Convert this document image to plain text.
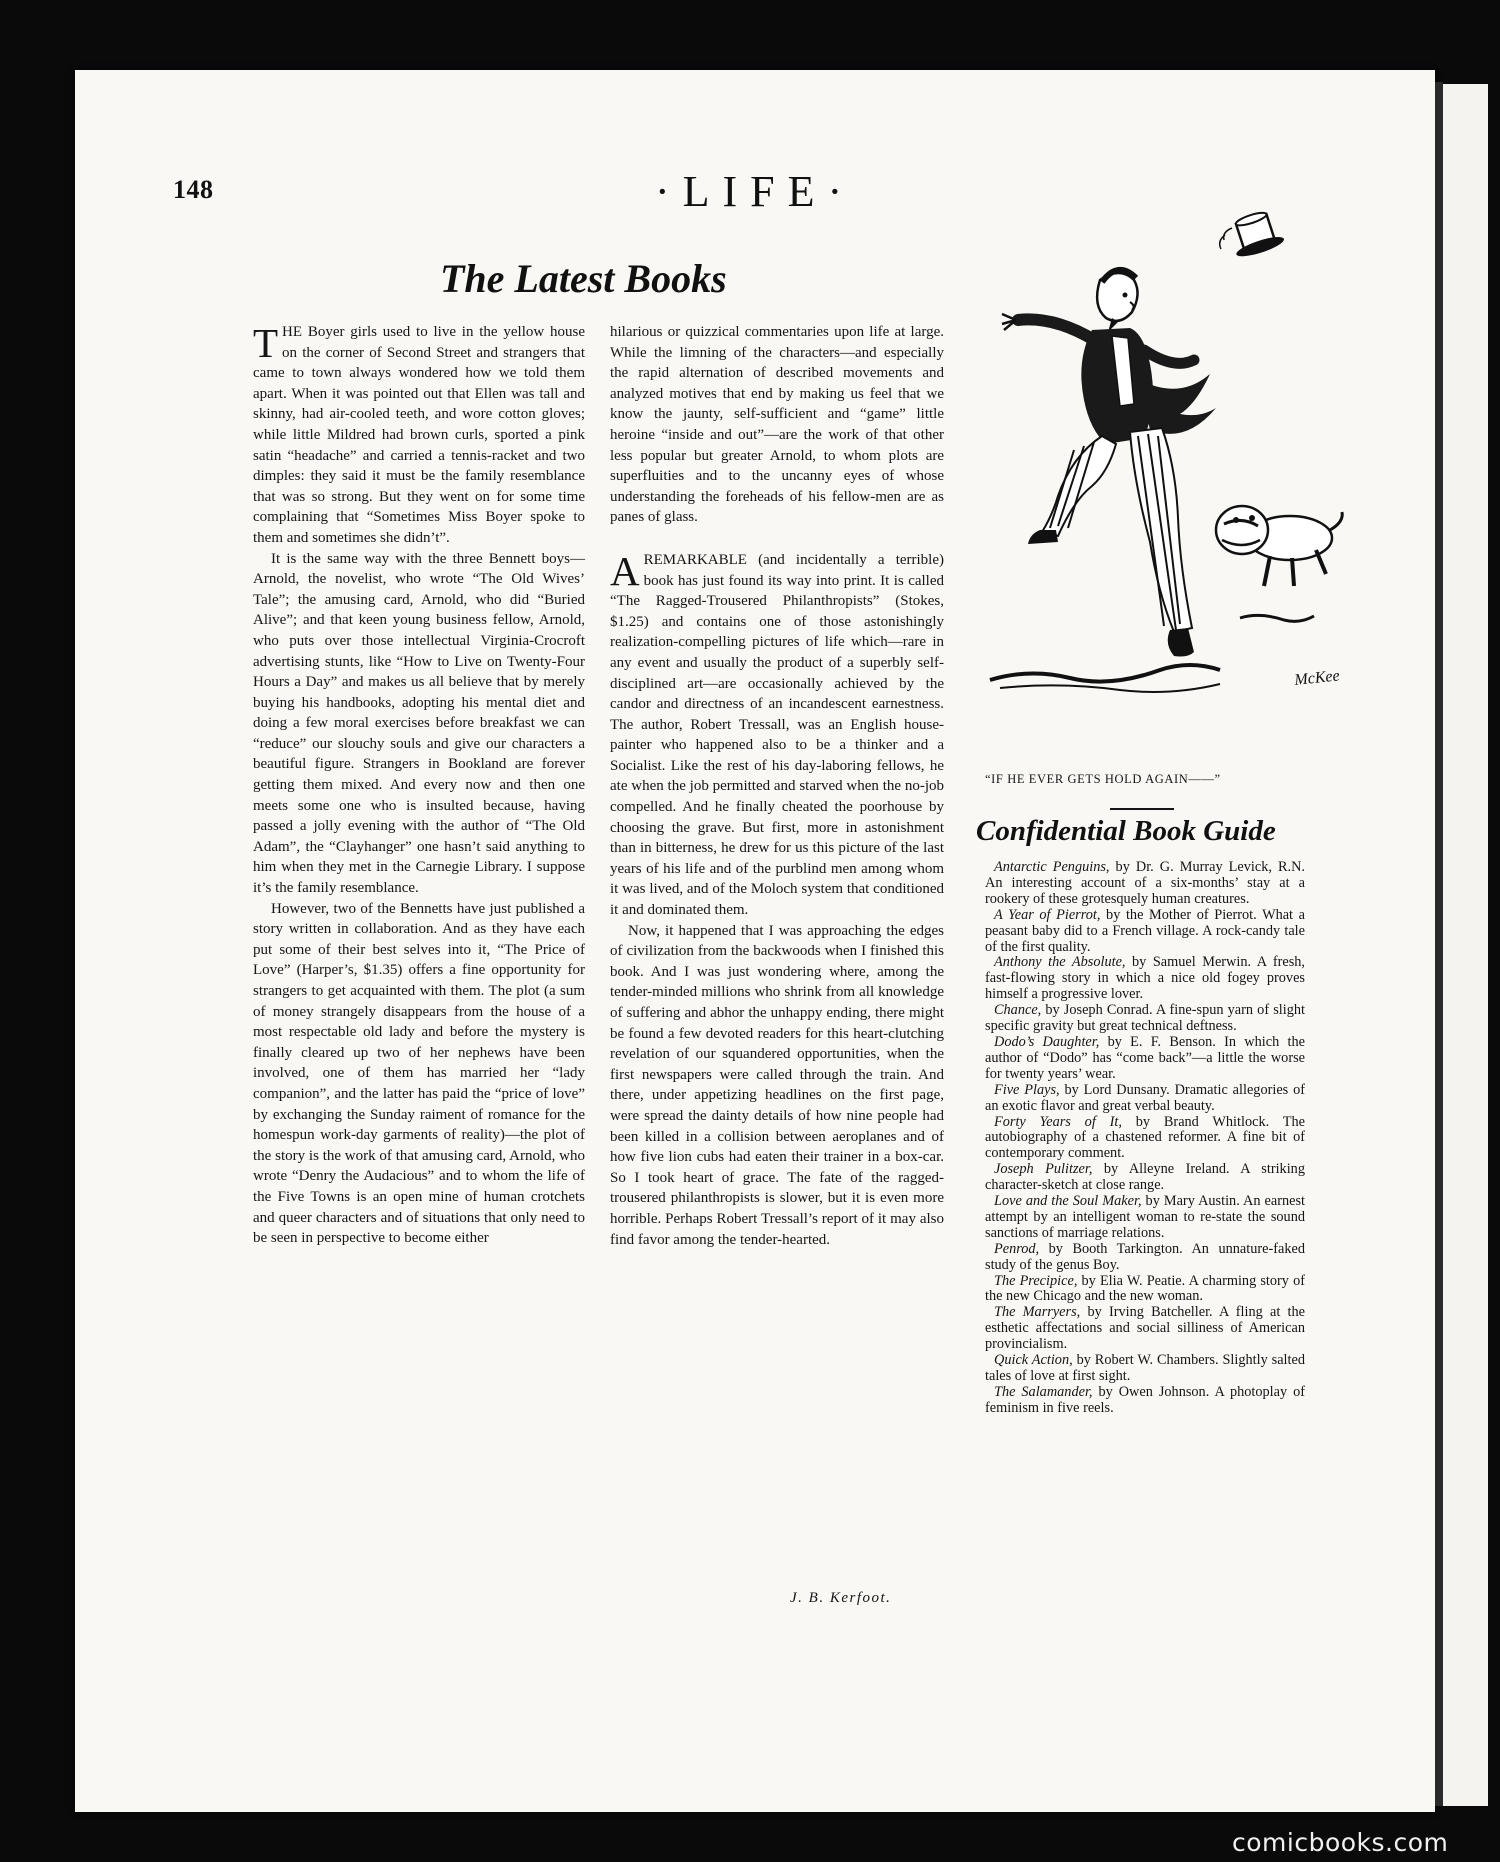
148	·LIFE·
The Latest Books

THE Boyer girls used to live in the yellow house on the corner of Second Street and strangers that came to town always wondered how we told them apart. When it was pointed out that Ellen was tall and skinny, had air-cooled teeth, and wore cotton gloves; while little Mildred had brown curls, sported a pink satin “headache” and carried a tennis-racket and two dimples: they said it must be the family resemblance that was so strong. But they went on for some time complaining that “Sometimes Miss Boyer spoke to them and sometimes she didn’t”.

It is the same way with the three Bennett boys—Arnold, the novelist, who wrote “The Old Wives’ Tale”; the amusing card, Arnold, who did “Buried Alive”; and that keen young business fellow, Arnold, who puts over those intellectual Virginia-Crocroft advertising stunts, like “How to Live on Twenty-Four Hours a Day” and makes us all believe that by merely buying his handbooks, adopting his mental diet and doing a few moral exercises before breakfast we can “reduce” our slouchy souls and give our characters a beautiful figure. Strangers in Bookland are forever getting them mixed. And every now and then one meets some one who is insulted because, having passed a jolly evening with the author of “The Old Adam”, the “Clayhanger” one hasn’t said anything to him when they met in the Carnegie Library. I suppose it’s the family resemblance.

However, two of the Bennetts have just published a story written in collaboration. And as they have each put some of their best selves into it, “The Price of Love” (Harper’s, $1.35) offers a fine opportunity for strangers to get acquainted with them. The plot (a sum of money strangely disappears from the house of a most respectable old lady and before the mystery is finally cleared up two of her nephews have been involved, one of them has married her “lady companion”, and the latter has paid the “price of love” by exchanging the Sunday raiment of romance for the homespun work-day garments of reality)—the plot of the story is the work of that amusing card, Arnold, who wrote “Denry the Audacious” and to whom the life of the Five Towns is an open mine of human crotchets and queer characters and of situations that only need to be seen in perspective to become either

hilarious or quizzical commentaries upon life at large. While the limning of the characters—and especially the rapid alternation of described movements and analyzed motives that end by making us feel that we know the jaunty, self-sufficient and “game” little heroine “inside and out”—are the work of that other less popular but greater Arnold, to whom plots are superfluities and to the uncanny eyes of whose understanding the foreheads of his fellow-men are as panes of glass.

A REMARKABLE (and incidentally a terrible) book has just found its way into print. It is called “The Ragged-Trousered Philanthropists” (Stokes, $1.25) and contains one of those astonishingly realization-compelling pictures of life which—rare in any event and usually the product of a superbly self-disciplined art—are occasionally achieved by the candor and directness of an incandescent earnestness. The author, Robert Tressall, was an English house-painter who happened also to be a thinker and a Socialist. Like the rest of his day-laboring fellows, he ate when the job permitted and starved when the no-job compelled. And he finally cheated the poorhouse by choosing the grave. But first, more in astonishment than in bitterness, he drew for us this picture of the last years of his life and of the purblind men among whom it was lived, and of the Moloch system that conditioned it and dominated them.

Now, it happened that I was approaching the edges of civilization from the backwoods when I finished this book. And I was just wondering where, among the tender-minded millions who shrink from all knowledge of suffering and abhor the unhappy ending, there might be found a few devoted readers for this heart-clutching revelation of our squandered opportunities, when the first newspapers were called through the train. And there, under appetizing headlines on the first page, were spread the dainty details of how nine people had been killed in a collision between aeroplanes and of how five lion cubs had eaten their trainer in a box-car. So I took heart of grace. The fate of the ragged-trousered philanthropists is slower, but it is even more horrible. Perhaps Robert Tressall’s report of it may also find favor among the tender-hearted.

J. B. Kerfoot.
McKee
“IF HE EVER GETS HOLD AGAIN——”
Confidential Book Guide

Antarctic Penguins, by Dr. G. Murray Levick, R.N. An interesting account of a six-months’ stay at a rookery of these grotesquely human creatures.

A Year of Pierrot, by the Mother of Pierrot. What a peasant baby did to a French village. A rock-candy tale of the first quality.

Anthony the Absolute, by Samuel Merwin. A fresh, fast-flowing story in which a nice old fogey proves himself a progressive lover.

Chance, by Joseph Conrad. A fine-spun yarn of slight specific gravity but great technical deftness.

Dodo’s Daughter, by E. F. Benson. In which the author of “Dodo” has “come back”—a little the worse for twenty years’ wear.

Five Plays, by Lord Dunsany. Dramatic allegories of an exotic flavor and great verbal beauty.

Forty Years of It, by Brand Whitlock. The autobiography of a chastened reformer. A fine bit of contemporary comment.

Joseph Pulitzer, by Alleyne Ireland. A striking character-sketch at close range.

Love and the Soul Maker, by Mary Austin. An earnest attempt by an intelligent woman to re-state the sound sanctions of marriage relations.

Penrod, by Booth Tarkington. An unnature-faked study of the genus Boy.

The Precipice, by Elia W. Peatie. A charming story of the new Chicago and the new woman.

The Marryers, by Irving Batcheller. A fling at the esthetic affectations and social silliness of American provincialism.

Quick Action, by Robert W. Chambers. Slightly salted tales of love at first sight.

The Salamander, by Owen Johnson. A photoplay of feminism in five reels.

comicbooks.com
